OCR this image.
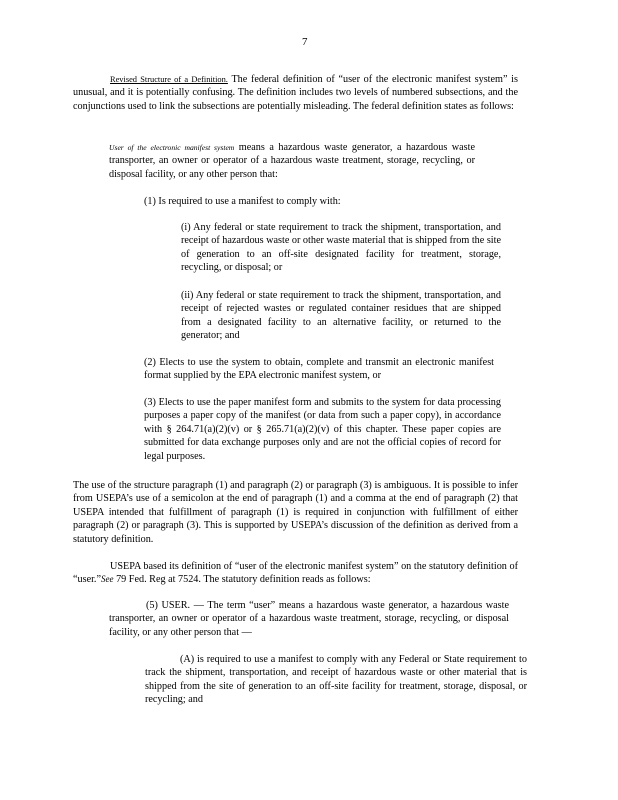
7

Revised Structure of a Definition. The federal definition of “user of the electronic manifest system” is unusual, and it is potentially confusing. The definition includes two levels of numbered subsections, and the conjunctions used to link the subsections are potentially misleading. The federal definition states as follows:

User of the electronic manifest system means a hazardous waste generator, a hazardous waste transporter, an owner or operator of a hazardous waste treatment, storage, recycling, or disposal facility, or any other person that:

(1) Is required to use a manifest to comply with:

(i) Any federal or state requirement to track the shipment, transportation, and receipt of hazardous waste or other waste material that is shipped from the site of generation to an off-site designated facility for treatment, storage, recycling, or disposal; or

(ii) Any federal or state requirement to track the shipment, transportation, and receipt of rejected wastes or regulated container residues that are shipped from a designated facility to an alternative facility, or returned to the generator; and

(2) Elects to use the system to obtain, complete and transmit an electronic manifest format supplied by the EPA electronic manifest system, or

(3) Elects to use the paper manifest form and submits to the system for data processing purposes a paper copy of the manifest (or data from such a paper copy), in accordance with § 264.71(a)(2)(v) or § 265.71(a)(2)(v) of this chapter. These paper copies are submitted for data exchange purposes only and are not the official copies of record for legal purposes.

The use of the structure paragraph (1) and paragraph (2) or paragraph (3) is ambiguous. It is possible to infer from USEPA’s use of a semicolon at the end of paragraph (1) and a comma at the end of paragraph (2) that USEPA intended that fulfillment of paragraph (1) is required in conjunction with fulfillment of either paragraph (2) or paragraph (3). This is supported by USEPA’s discussion of the definition as derived from a statutory definition.

USEPA based its definition of “user of the electronic manifest system” on the statutory definition of “user.”See 79 Fed. Reg at 7524. The statutory definition reads as follows:

(5) USER. — The term “user” means a hazardous waste generator, a hazardous waste transporter, an owner or operator of a hazardous waste treatment, storage, recycling, or disposal facility, or any other person that —

(A) is required to use a manifest to comply with any Federal or State requirement to track the shipment, transportation, and receipt of hazardous waste or other material that is shipped from the site of generation to an off-site facility for treatment, storage, disposal, or recycling; and
